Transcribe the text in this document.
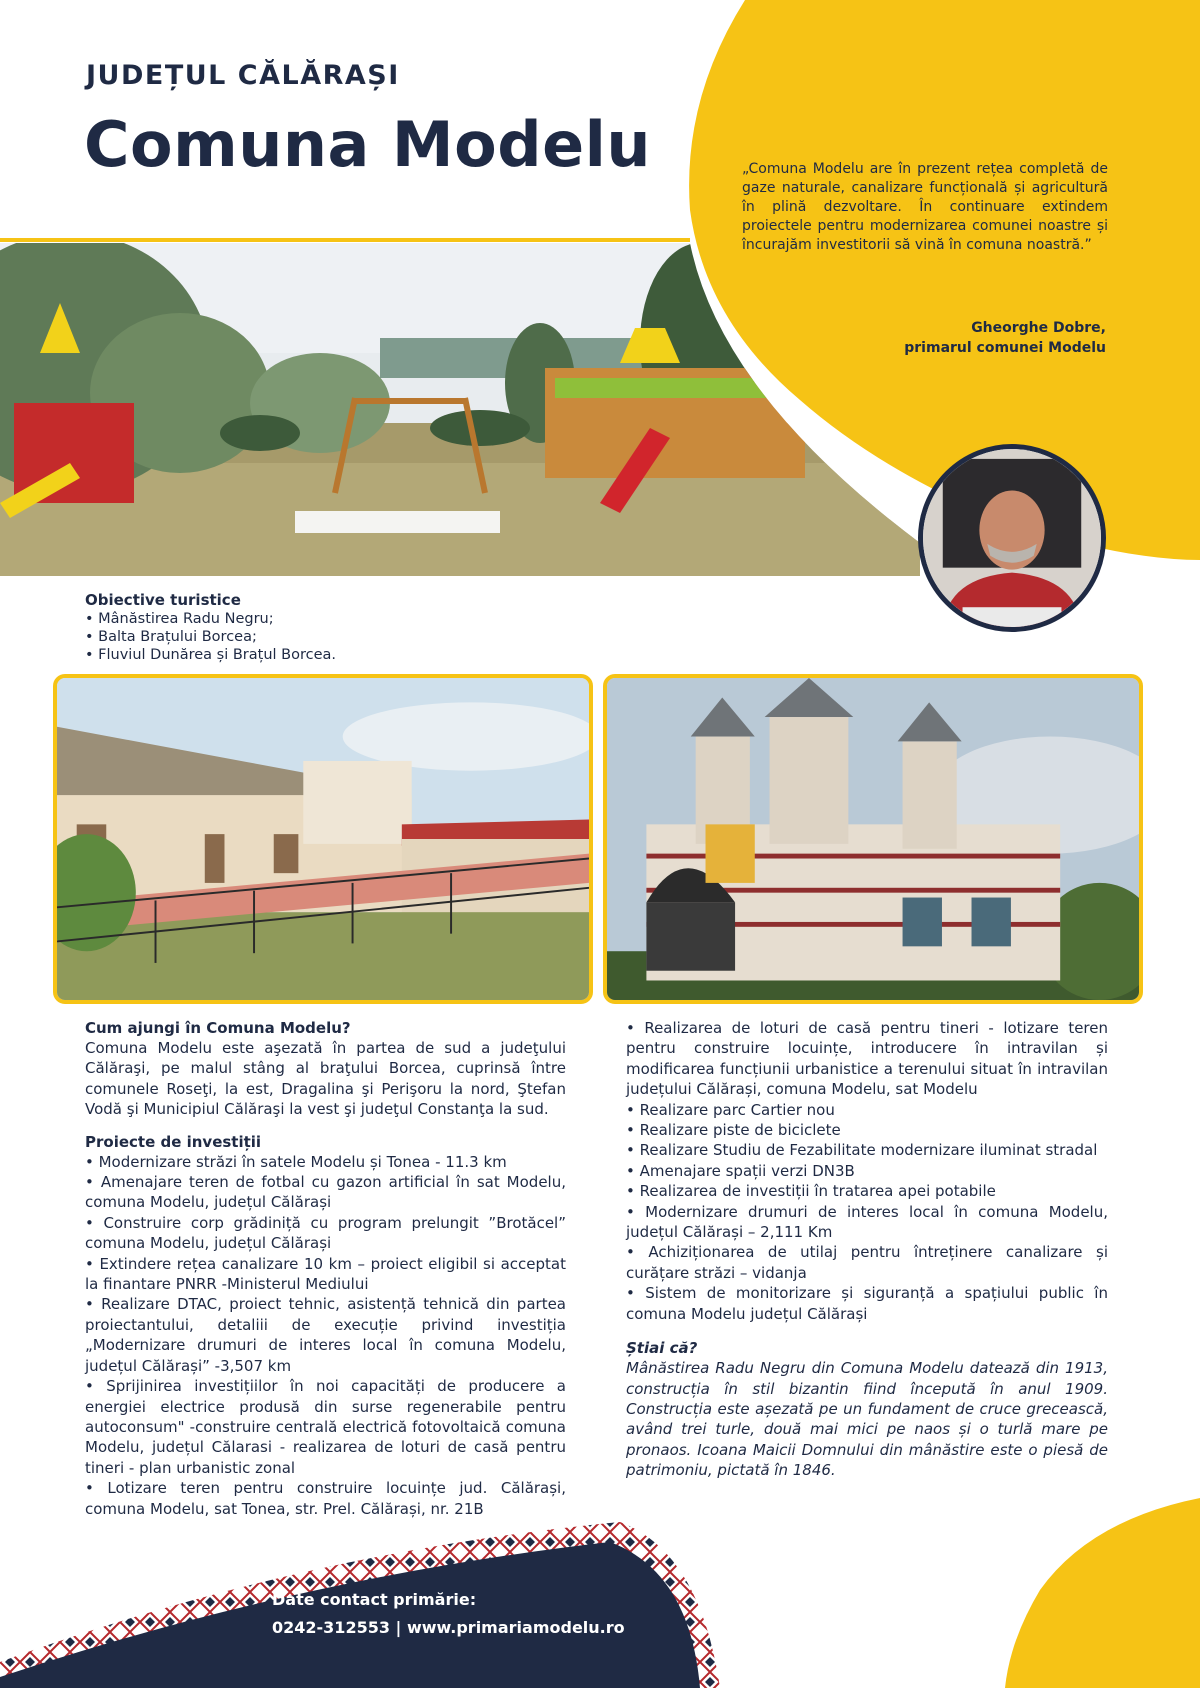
JUDEȚUL CĂLĂRAȘI

Comuna Modelu	„Comuna Modelu are în prezent rețea completă de gaze naturale, canalizare funcțională și agricultură în plină dezvoltare. În continuare extindem proiectele pentru modernizarea comunei noastre și încurajăm investitorii să vină în comuna noastră.”

Gheorghe Dobre,
primarul comunei Modelu

Obiective turistice

• Mânăstirea Radu Negru;
• Balta Brațului Borcea;
• Fluviul Dunărea și Brațul Borcea.

Cum ajungi în Comuna Modelu?

Comuna Modelu este aşezată în partea de sud a judeţului Călăraşi, pe malul stâng al braţului Borcea, cuprinsă între comunele Roseţi, la est, Dragalina şi Perişoru la nord, Ştefan Vodă şi Municipiul Călăraşi la vest şi judeţul Constanţa la sud.

Proiecte de investiții

• Modernizare străzi în satele Modelu și Tonea - 11.3 km
• Amenajare teren de fotbal cu gazon artificial în sat Modelu, comuna Modelu, județul Călărași
• Construire corp grădiniță cu program prelungit ”Brotăcel” comuna Modelu, județul Călărași
• Extindere rețea canalizare 10 km – proiect eligibil si acceptat la finantare PNRR -Ministerul Mediului
• Realizare DTAC, proiect tehnic, asistență tehnică din partea proiectantului, detaliii de execuție privind investiția „Modernizare drumuri de interes local în comuna Modelu, județul Călărași” -3,507 km
• Sprijinirea investițiilor în noi capacități de producere a energiei electrice produsă din surse regenerabile pentru autoconsum" -construire centrală electrică fotovoltaică comuna Modelu, județul Călarasi - realizarea de loturi de casă pentru tineri - plan urbanistic zonal
• Lotizare teren pentru construire locuințe jud. Călărași, comuna Modelu, sat Tonea, str. Prel. Călărași, nr. 21B
• Realizarea de loturi de casă pentru tineri - lotizare teren pentru construire locuințe, introducere în intravilan și modificarea funcțiunii urbanistice a terenului situat în intravilan județului Călărași, comuna Modelu, sat Modelu
• Realizare parc Cartier nou
• Realizare piste de biciclete
• Realizare Studiu de Fezabilitate modernizare iluminat stradal
• Amenajare spații verzi DN3B
• Realizarea de investiții în tratarea apei potabile
• Modernizare drumuri de interes local în comuna Modelu, județul Călărași – 2,111 Km
• Achiziționarea de utilaj pentru întreținere canalizare și curățare străzi – vidanja
• Sistem de monitorizare și siguranță a spațiului public în comuna Modelu județul Călărași

Știai că?

Mânăstirea Radu Negru din Comuna Modelu datează din 1913, construcția în stil bizantin fiind începută în anul 1909. Construcția este așezată pe un fundament de cruce grecească, având trei turle, două mai mici pe naos și o turlă mare pe pronaos. Icoana Maicii Domnului din mânăstire este o piesă de patrimoniu, pictată în 1846.

Date contact primărie:
0242-312553 | www.primariamodelu.ro
